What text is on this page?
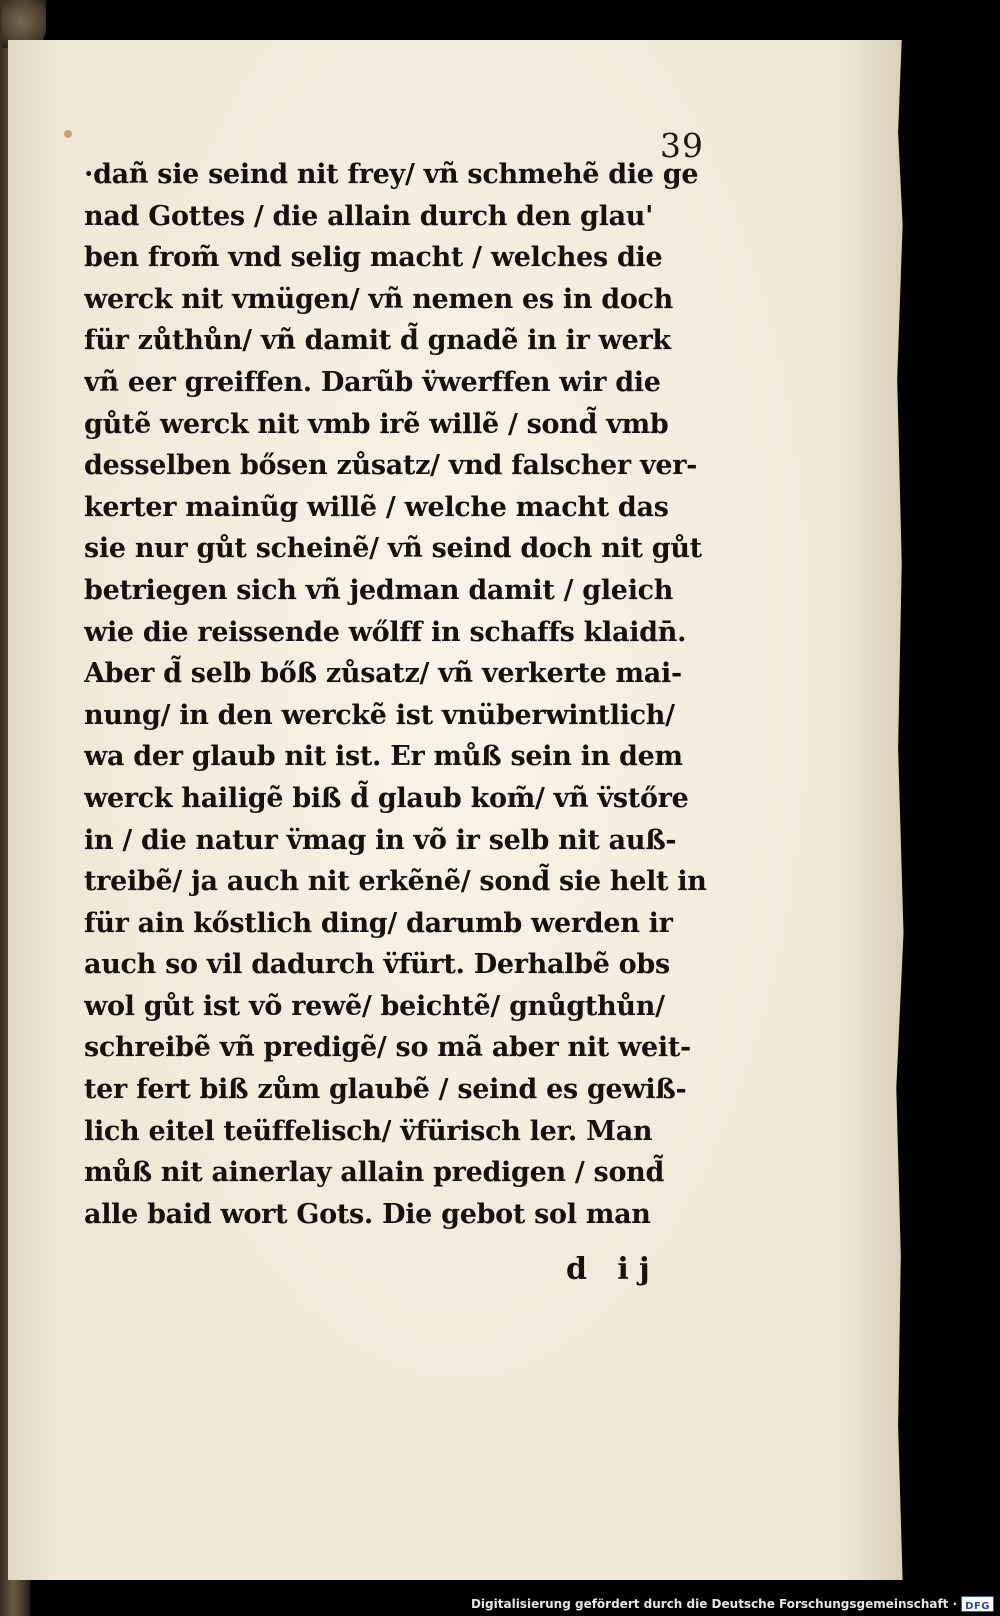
39
·dañ sie seind nit frey/ vñ schmehẽ die ge
nad Gottes / die allain durch den glau'
ben from̃ vnd selig macht / welches die
werck nit vmügen/ vñ nemen es in doch
für zůthůn/ vñ damit d̃ gnadẽ in ir werk
vñ eer greiffen. Darũb v̈werffen wir die
gůtẽ werck nit vmb irẽ willẽ / sond̃ vmb
desselben bősen zůsatz/ vnd falscher ver-
kerter mainũg willẽ / welche macht das
sie nur gůt scheinẽ/ vñ seind doch nit gůt
betriegen sich vñ jedman damit / gleich
wie die reissende wőlff in schaffs klaidn̄.
Aber d̃ selb bőß zůsatz/ vñ verkerte mai-
nung/ in den werckẽ ist vnüberwintlich/
wa der glaub nit ist. Er můß sein in dem
werck hailigẽ biß d̃ glaub kom̃/ vñ v̈stőre
in / die natur v̈mag in võ ir selb nit auß-
treibẽ/ ja auch nit erkẽnẽ/ sond̃ sie helt in
für ain kőstlich ding/ darumb werden ir
auch so vil dadurch v̈fürt. Derhalbẽ obs
wol gůt ist võ rewẽ/ beichtẽ/ gnůgthůn/
schreibẽ vñ predigẽ/ so mã aber nit weit-
ter fert biß zům glaubẽ / seind es gewiß-
lich eitel teüffelisch/ v̈fürisch ler. Man
můß nit ainerlay allain predigen / sond̃
alle baid wort Gots. Die gebot sol man
d ij
Digitalisierung gefördert durch die Deutsche Forschungsgemeinschaft · DFG
